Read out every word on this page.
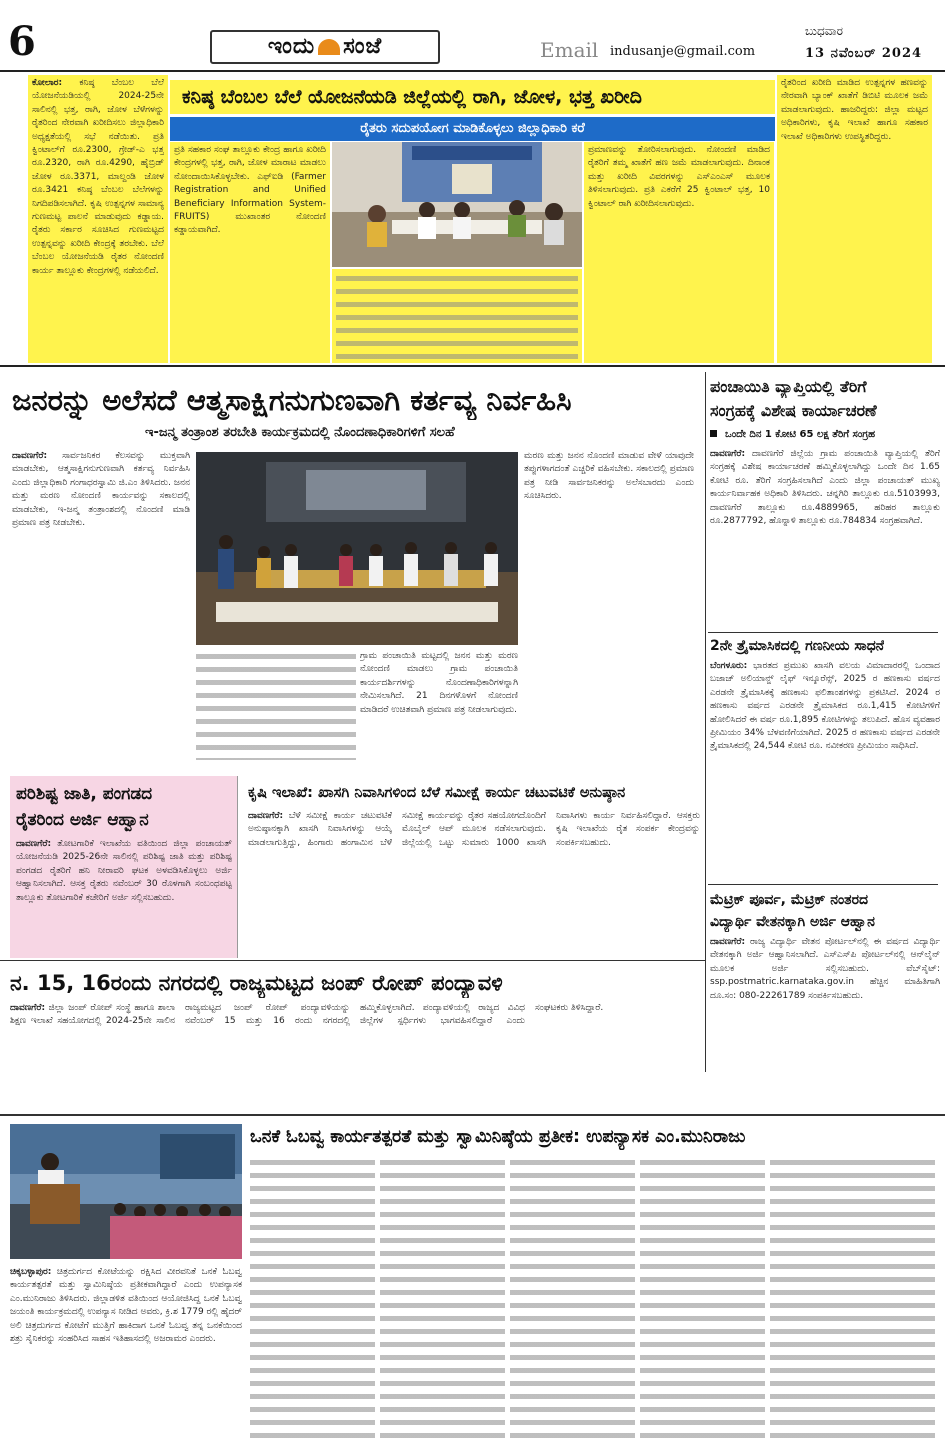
6	ಇಂದು ಸಂಜೆ	Email indusanje@gmail.com
ಬುಧವಾರ
13 ನವೆಂಬರ್ 2024
ಕನಿಷ್ಠ ಬೆಂಬಲ ಬೆಲೆ ಯೋಜನೆಯಡಿ ಜಿಲ್ಲೆಯಲ್ಲಿ ರಾಗಿ, ಜೋಳ, ಭತ್ತ ಖರೀದಿ
ರೈತರು ಸದುಪಯೋಗ ಮಾಡಿಕೊಳ್ಳಲು ಜಿಲ್ಲಾಧಿಕಾರಿ ಕರೆ
ಕೋಲಾರ: ಕನಿಷ್ಠ ಬೆಂಬಲ ಬೆಲೆ ಯೋಜನೆಯಡಿಯಲ್ಲಿ 2024-25ನೇ ಸಾಲಿನಲ್ಲಿ ಭತ್ತ, ರಾಗಿ, ಜೋಳ ಬೆಳೆಗಳನ್ನು ರೈತರಿಂದ ನೇರವಾಗಿ ಖರೀದಿಸಲು ಜಿಲ್ಲಾಧಿಕಾರಿ ಅಧ್ಯಕ್ಷತೆಯಲ್ಲಿ ಸಭೆ ನಡೆಯಿತು. ಪ್ರತಿ ಕ್ವಿಂಟಾಲ್‌ಗೆ ರೂ.2300, ಗ್ರೇಡ್-ಎ ಭತ್ತ ರೂ.2320, ರಾಗಿ ರೂ.4290, ಹೈಬ್ರಿಡ್ ಜೋಳ ರೂ.3371, ಮಾಲ್ದಂಡಿ ಜೋಳ ರೂ.3421 ಕನಿಷ್ಠ ಬೆಂಬಲ ಬೆಲೆಗಳನ್ನು ನಿಗದಿಪಡಿಸಲಾಗಿದೆ. ಕೃಷಿ ಉತ್ಪನ್ನಗಳ ಸಾಮಾನ್ಯ ಗುಣಮಟ್ಟ ಪಾಲನೆ ಮಾಡುವುದು ಕಡ್ಡಾಯ. ರೈತರು ಸರ್ಕಾರ ಸೂಚಿಸಿದ ಗುಣಮಟ್ಟದ ಉತ್ಪನ್ನವನ್ನು ಖರೀದಿ ಕೇಂದ್ರಕ್ಕೆ ತರಬೇಕು. ಬೆಲೆ ಬೆಂಬಲ ಯೋಜನೆಯಡಿ ರೈತರ ನೋಂದಣಿ ಕಾರ್ಯ ತಾಲ್ಲೂಕು ಕೇಂದ್ರಗಳಲ್ಲಿ ನಡೆಯಲಿದೆ.
ಪ್ರತಿ ಸಹಕಾರ ಸಂಘ ತಾಲ್ಲೂಕು ಕೇಂದ್ರ ಹಾಗೂ ಖರೀದಿ ಕೇಂದ್ರಗಳಲ್ಲಿ ಭತ್ತ, ರಾಗಿ, ಜೋಳ ಮಾರಾಟ ಮಾಡಲು ನೋಂದಾಯಿಸಿಕೊಳ್ಳಬೇಕು. ಎಫ್‌ಐಡಿ (Farmer Registration and Unified Beneficiary Information System-FRUITS) ಮುಖಾಂತರ ನೋಂದಣಿ ಕಡ್ಡಾಯವಾಗಿದೆ.
ಪ್ರಮಾಣವನ್ನು ತೋರಿಸಲಾಗುವುದು. ನೋಂದಣಿ ಮಾಡಿದ ರೈತರಿಗೆ ತಮ್ಮ ಖಾತೆಗೆ ಹಣ ಜಮೆ ಮಾಡಲಾಗುವುದು. ದಿನಾಂಕ ಮತ್ತು ಖರೀದಿ ವಿವರಗಳನ್ನು ಎಸ್‌ಎಂಎಸ್ ಮೂಲಕ ತಿಳಿಸಲಾಗುವುದು. ಪ್ರತಿ ಎಕರೆಗೆ 25 ಕ್ವಿಂಟಾಲ್ ಭತ್ತ, 10 ಕ್ವಿಂಟಾಲ್ ರಾಗಿ ಖರೀದಿಸಲಾಗುವುದು.
ರೈತರಿಂದ ಖರೀದಿ ಮಾಡಿದ ಉತ್ಪನ್ನಗಳ ಹಣವನ್ನು ನೇರವಾಗಿ ಬ್ಯಾಂಕ್ ಖಾತೆಗೆ ಡಿಬಿಟಿ ಮೂಲಕ ಜಮೆ ಮಾಡಲಾಗುವುದು. ಹಾಜರಿದ್ದರು: ಜಿಲ್ಲಾ ಮಟ್ಟದ ಅಧಿಕಾರಿಗಳು, ಕೃಷಿ ಇಲಾಖೆ ಹಾಗೂ ಸಹಕಾರ ಇಲಾಖೆ ಅಧಿಕಾರಿಗಳು ಉಪಸ್ಥಿತರಿದ್ದರು.
ಜನರನ್ನು ಅಲೆಸದೆ ಆತ್ಮಸಾಕ್ಷಿಗನುಗುಣವಾಗಿ ಕರ್ತವ್ಯ ನಿರ್ವಹಿಸಿ
ಇ-ಜನ್ಮ ತಂತ್ರಾಂಶ ತರಬೇತಿ ಕಾರ್ಯಕ್ರಮದಲ್ಲಿ ನೊಂದಣಾಧಿಕಾರಿಗಳಿಗೆ ಸಲಹೆ
ದಾವಣಗೆರೆ: ಸಾರ್ವಜನಿಕರ ಕೆಲಸವನ್ನು ಮುಕ್ತವಾಗಿ ಮಾಡಬೇಕು, ಆತ್ಮಸಾಕ್ಷಿಗನುಗುಣವಾಗಿ ಕರ್ತವ್ಯ ನಿರ್ವಹಿಸಿ ಎಂದು ಜಿಲ್ಲಾಧಿಕಾರಿ ಗಂಗಾಧರಸ್ವಾಮಿ ಜಿ.ಎಂ ತಿಳಿಸಿದರು. ಜನನ ಮತ್ತು ಮರಣ ನೋಂದಣಿ ಕಾರ್ಯವನ್ನು ಸಕಾಲದಲ್ಲಿ ಮಾಡಬೇಕು, ಇ-ಜನ್ಮ ತಂತ್ರಾಂಶದಲ್ಲಿ ನೊಂದಣಿ ಮಾಡಿ ಪ್ರಮಾಣ ಪತ್ರ ನೀಡಬೇಕು.
ಗ್ರಾಮ ಪಂಚಾಯಿತಿ ಮಟ್ಟದಲ್ಲಿ ಜನನ ಮತ್ತು ಮರಣ ನೋಂದಣಿ ಮಾಡಲು ಗ್ರಾಮ ಪಂಚಾಯಿತಿ ಕಾರ್ಯದರ್ಶಿಗಳನ್ನು ನೊಂದಣಾಧಿಕಾರಿಗಳನ್ನಾಗಿ ನೇಮಿಸಲಾಗಿದೆ. 21 ದಿನಗಳೊಳಗೆ ನೋಂದಣಿ ಮಾಡಿದರೆ ಉಚಿತವಾಗಿ ಪ್ರಮಾಣ ಪತ್ರ ನೀಡಲಾಗುವುದು.
ಮರಣ ಮತ್ತು ಜನನ ನೊಂದಣಿ ಮಾಡುವ ವೇಳೆ ಯಾವುದೇ ತಪ್ಪುಗಳಾಗದಂತೆ ಎಚ್ಚರಿಕೆ ವಹಿಸಬೇಕು. ಸಕಾಲದಲ್ಲಿ ಪ್ರಮಾಣ ಪತ್ರ ನೀಡಿ ಸಾರ್ವಜನಿಕರನ್ನು ಅಲೆಸಬಾರದು ಎಂದು ಸೂಚಿಸಿದರು.
ಪಂಚಾಯಿತಿ ವ್ಯಾಪ್ತಿಯಲ್ಲಿ ತೆರಿಗೆ
ಸಂಗ್ರಹಕ್ಕೆ ವಿಶೇಷ ಕಾರ್ಯಾಚರಣೆ
ಒಂದೇ ದಿನ 1 ಕೋಟಿ 65 ಲಕ್ಷ ತೆರಿಗೆ ಸಂಗ್ರಹ
ದಾವಣಗೆರೆ: ದಾವಣಗೆರೆ ಜಿಲ್ಲೆಯ ಗ್ರಾಮ ಪಂಚಾಯಿತಿ ವ್ಯಾಪ್ತಿಯಲ್ಲಿ ತೆರಿಗೆ ಸಂಗ್ರಹಕ್ಕೆ ವಿಶೇಷ ಕಾರ್ಯಾಚರಣೆ ಹಮ್ಮಿಕೊಳ್ಳಲಾಗಿದ್ದು ಒಂದೇ ದಿನ 1.65 ಕೋಟಿ ರೂ. ತೆರಿಗೆ ಸಂಗ್ರಹಿಸಲಾಗಿದೆ ಎಂದು ಜಿಲ್ಲಾ ಪಂಚಾಯತ್ ಮುಖ್ಯ ಕಾರ್ಯನಿರ್ವಾಹಕ ಅಧಿಕಾರಿ ತಿಳಿಸಿದರು. ಚನ್ನಗಿರಿ ತಾಲ್ಲೂಕು ರೂ.5103993, ದಾವಣಗೆರೆ ತಾಲ್ಲೂಕು ರೂ.4889965, ಹರಿಹರ ತಾಲ್ಲೂಕು ರೂ.2877792, ಹೊನ್ನಾಳಿ ತಾಲ್ಲೂಕು ರೂ.784834 ಸಂಗ್ರಹವಾಗಿದೆ.
2ನೇ ತ್ರೈಮಾಸಿಕದಲ್ಲಿ ಗಣನೀಯ ಸಾಧನೆ
ಬೆಂಗಳೂರು: ಭಾರತದ ಪ್ರಮುಖ ಖಾಸಗಿ ವಲಯ ವಿಮಾದಾರರಲ್ಲಿ ಒಂದಾದ ಬಜಾಜ್ ಅಲಿಯಾನ್ಜ್ ಲೈಫ್ ಇನ್ಶೂರೆನ್ಸ್, 2025 ರ ಹಣಕಾಸು ವರ್ಷದ ಎರಡನೇ ತ್ರೈಮಾಸಿಕಕ್ಕೆ ಹಣಕಾಸು ಫಲಿತಾಂಶಗಳನ್ನು ಪ್ರಕಟಿಸಿದೆ. 2024 ರ ಹಣಕಾಸು ವರ್ಷದ ಎರಡನೇ ತ್ರೈಮಾಸಿಕದ ರೂ.1,415 ಕೋಟಿಗಳಿಗೆ ಹೋಲಿಸಿದರೆ ಈ ವರ್ಷ ರೂ.1,895 ಕೋಟಿಗಳನ್ನು ತಲುಪಿದೆ. ಹೊಸ ವ್ಯವಹಾರ ಪ್ರೀಮಿಯಂ 34% ಬೆಳವಣಿಗೆಯಾಗಿದೆ. 2025 ರ ಹಣಕಾಸು ವರ್ಷದ ಎರಡನೇ ತ್ರೈಮಾಸಿಕದಲ್ಲಿ 24,544 ಕೋಟಿ ರೂ. ನವೀಕರಣ ಪ್ರೀಮಿಯಂ ಸಾಧಿಸಿದೆ.
ಪರಿಶಿಷ್ಟ ಜಾತಿ, ಪಂಗಡದ
ರೈತರಿಂದ ಅರ್ಜಿ ಆಹ್ವಾನ
ದಾವಣಗೆರೆ: ತೋಟಗಾರಿಕೆ ಇಲಾಖೆಯ ವತಿಯಿಂದ ಜಿಲ್ಲಾ ಪಂಚಾಯತ್ ಯೋಜನೆಯಡಿ 2025-26ನೇ ಸಾಲಿನಲ್ಲಿ ಪರಿಶಿಷ್ಟ ಜಾತಿ ಮತ್ತು ಪರಿಶಿಷ್ಟ ಪಂಗಡದ ರೈತರಿಗೆ ಹನಿ ನೀರಾವರಿ ಘಟಕ ಅಳವಡಿಸಿಕೊಳ್ಳಲು ಅರ್ಜಿ ಆಹ್ವಾನಿಸಲಾಗಿದೆ. ಆಸಕ್ತ ರೈತರು ನವೆಂಬರ್ 30 ರೊಳಗಾಗಿ ಸಂಬಂಧಪಟ್ಟ ತಾಲ್ಲೂಕು ತೋಟಗಾರಿಕೆ ಕಚೇರಿಗೆ ಅರ್ಜಿ ಸಲ್ಲಿಸಬಹುದು.
ಕೃಷಿ ಇಲಾಖೆ: ಖಾಸಗಿ ನಿವಾಸಿಗಳಿಂದ ಬೆಳೆ ಸಮೀಕ್ಷೆ ಕಾರ್ಯ ಚಟುವಟಿಕೆ ಅನುಷ್ಠಾನ
ದಾವಣಗೆರೆ: ಬೆಳೆ ಸಮೀಕ್ಷೆ ಕಾರ್ಯ ಚಟುವಟಿಕೆ ಅನುಷ್ಠಾನಕ್ಕಾಗಿ ಖಾಸಗಿ ನಿವಾಸಿಗಳನ್ನು ಆಯ್ಕೆ ಮಾಡಲಾಗುತ್ತಿದ್ದು, ಹಿಂಗಾರು ಹಂಗಾಮಿನ ಬೆಳೆ ಸಮೀಕ್ಷೆ ಕಾರ್ಯವನ್ನು ರೈತರ ಸಹಯೋಗದೊಂದಿಗೆ ಮೊಬೈಲ್ ಆಪ್ ಮೂಲಕ ನಡೆಸಲಾಗುವುದು. ಜಿಲ್ಲೆಯಲ್ಲಿ ಒಟ್ಟು ಸುಮಾರು 1000 ಖಾಸಗಿ ನಿವಾಸಿಗಳು ಕಾರ್ಯ ನಿರ್ವಹಿಸಲಿದ್ದಾರೆ. ಆಸಕ್ತರು ಕೃಷಿ ಇಲಾಖೆಯ ರೈತ ಸಂಪರ್ಕ ಕೇಂದ್ರವನ್ನು ಸಂಪರ್ಕಿಸಬಹುದು.
ಮೆಟ್ರಿಕ್ ಪೂರ್ವ, ಮೆಟ್ರಿಕ್ ನಂತರದ
ವಿದ್ಯಾರ್ಥಿ ವೇತನಕ್ಕಾಗಿ ಅರ್ಜಿ ಆಹ್ವಾನ
ದಾವಣಗೆರೆ: ರಾಜ್ಯ ವಿದ್ಯಾರ್ಥಿ ವೇತನ ಪೋರ್ಟಲ್‌ನಲ್ಲಿ ಈ ವರ್ಷದ ವಿದ್ಯಾರ್ಥಿ ವೇತನಕ್ಕಾಗಿ ಅರ್ಜಿ ಆಹ್ವಾನಿಸಲಾಗಿದೆ. ಎಸ್‌ಎಸ್‌ಪಿ ಪೋರ್ಟಲ್‌ನಲ್ಲಿ ಆನ್‌ಲೈನ್ ಮೂಲಕ ಅರ್ಜಿ ಸಲ್ಲಿಸಬಹುದು. ವೆಬ್‌ಸೈಟ್: ssp.postmatric.karnataka.gov.in ಹೆಚ್ಚಿನ ಮಾಹಿತಿಗಾಗಿ ದೂ.ಸಂ: 080-22261789 ಸಂಪರ್ಕಿಸಬಹುದು.
ನ. 15, 16ರಂದು ನಗರದಲ್ಲಿ ರಾಜ್ಯಮಟ್ಟದ ಜಂಪ್ ರೋಪ್ ಪಂದ್ಯಾವಳಿ
ದಾವಣಗೆರೆ: ಜಿಲ್ಲಾ ಜಂಪ್ ರೋಪ್ ಸಂಸ್ಥೆ ಹಾಗೂ ಶಾಲಾ ಶಿಕ್ಷಣ ಇಲಾಖೆ ಸಹಯೋಗದಲ್ಲಿ 2024-25ನೇ ಸಾಲಿನ ರಾಜ್ಯಮಟ್ಟದ ಜಂಪ್ ರೋಪ್ ಪಂದ್ಯಾವಳಿಯನ್ನು ನವೆಂಬರ್ 15 ಮತ್ತು 16 ರಂದು ನಗರದಲ್ಲಿ ಹಮ್ಮಿಕೊಳ್ಳಲಾಗಿದೆ. ಪಂದ್ಯಾವಳಿಯಲ್ಲಿ ರಾಜ್ಯದ ವಿವಿಧ ಜಿಲ್ಲೆಗಳ ಸ್ಪರ್ಧಿಗಳು ಭಾಗವಹಿಸಲಿದ್ದಾರೆ ಎಂದು ಸಂಘಟಕರು ತಿಳಿಸಿದ್ದಾರೆ.
ಒನಕೆ ಓಬವ್ವ ಕಾರ್ಯತತ್ಪರತೆ ಮತ್ತು ಸ್ವಾಮಿನಿಷ್ಠೆಯ ಪ್ರತೀಕ: ಉಪನ್ಯಾಸಕ ಎಂ.ಮುನಿರಾಜು
ಚಿಕ್ಕಬಳ್ಳಾಪುರ: ಚಿತ್ರದುರ್ಗದ ಕೋಟೆಯನ್ನು ರಕ್ಷಿಸಿದ ವೀರವನಿತೆ ಒನಕೆ ಓಬವ್ವ ಕಾರ್ಯತತ್ಪರತೆ ಮತ್ತು ಸ್ವಾಮಿನಿಷ್ಠೆಯ ಪ್ರತೀಕವಾಗಿದ್ದಾರೆ ಎಂದು ಉಪನ್ಯಾಸಕ ಎಂ.ಮುನಿರಾಜು ತಿಳಿಸಿದರು. ಜಿಲ್ಲಾಡಳಿತ ವತಿಯಿಂದ ಆಯೋಜಿಸಿದ್ದ ಒನಕೆ ಓಬವ್ವ ಜಯಂತಿ ಕಾರ್ಯಕ್ರಮದಲ್ಲಿ ಉಪನ್ಯಾಸ ನೀಡಿದ ಅವರು, ಕ್ರಿ.ಶ 1779 ರಲ್ಲಿ ಹೈದರ್ ಅಲಿ ಚಿತ್ರದುರ್ಗದ ಕೋಟೆಗೆ ಮುತ್ತಿಗೆ ಹಾಕಿದಾಗ ಒನಕೆ ಓಬವ್ವ ತನ್ನ ಒನಕೆಯಿಂದ ಶತ್ರು ಸೈನಿಕರನ್ನು ಸಂಹರಿಸಿದ ಸಾಹಸ ಇತಿಹಾಸದಲ್ಲಿ ಅಜರಾಮರ ಎಂದರು.
